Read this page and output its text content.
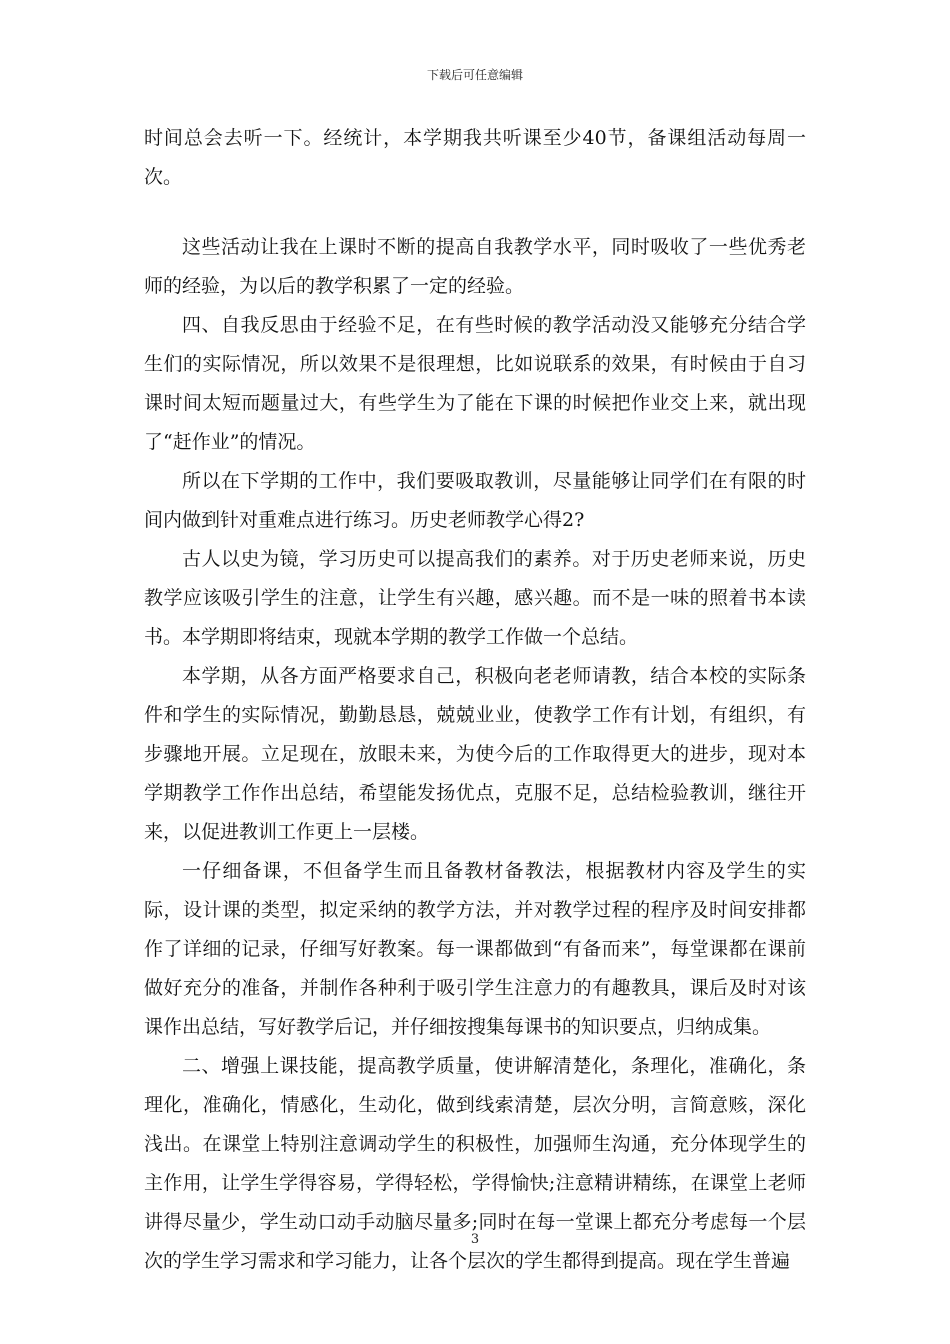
下载后可任意编辑

时间总会去听一下。经统计，本学期我共听课至少40节，备课组活动每周一次。

这些活动让我在上课时不断的提高自我教学水平，同时吸收了一些优秀老师的经验，为以后的教学积累了一定的经验。

四、自我反思由于经验不足，在有些时候的教学活动没又能够充分结合学生们的实际情况，所以效果不是很理想，比如说联系的效果，有时候由于自习课时间太短而题量过大，有些学生为了能在下课的时候把作业交上来，就出现了“赶作业”的情况。

所以在下学期的工作中，我们要吸取教训，尽量能够让同学们在有限的时间内做到针对重难点进行练习。历史老师教学心得2?

古人以史为镜，学习历史可以提高我们的素养。对于历史老师来说，历史教学应该吸引学生的注意，让学生有兴趣，感兴趣。而不是一味的照着书本读书。本学期即将结束，现就本学期的教学工作做一个总结。

本学期，从各方面严格要求自己，积极向老老师请教，结合本校的实际条件和学生的实际情况，勤勤恳恳，兢兢业业，使教学工作有计划，有组织，有步骤地开展。立足现在，放眼未来，为使今后的工作取得更大的进步，现对本学期教学工作作出总结，希望能发扬优点，克服不足，总结检验教训，继往开来，以促进教训工作更上一层楼。

一仔细备课，不但备学生而且备教材备教法，根据教材内容及学生的实际，设计课的类型，拟定采纳的教学方法，并对教学过程的程序及时间安排都作了详细的记录，仔细写好教案。每一课都做到“有备而来”，每堂课都在课前做好充分的准备，并制作各种利于吸引学生注意力的有趣教具，课后及时对该课作出总结，写好教学后记，并仔细按搜集每课书的知识要点，归纳成集。

二、增强上课技能，提高教学质量，使讲解清楚化，条理化，准确化，条理化，准确化，情感化，生动化，做到线索清楚，层次分明，言简意赅，深化浅出。在课堂上特别注意调动学生的积极性，加强师生沟通，充分体现学生的主作用，让学生学得容易，学得轻松，学得愉快;注意精讲精练，在课堂上老师讲得尽量少，学生动口动手动脑尽量多;同时在每一堂课上都充分考虑每一个层次的学生学习需求和学习能力，让各个层次的学生都得到提高。现在学生普遍

3
